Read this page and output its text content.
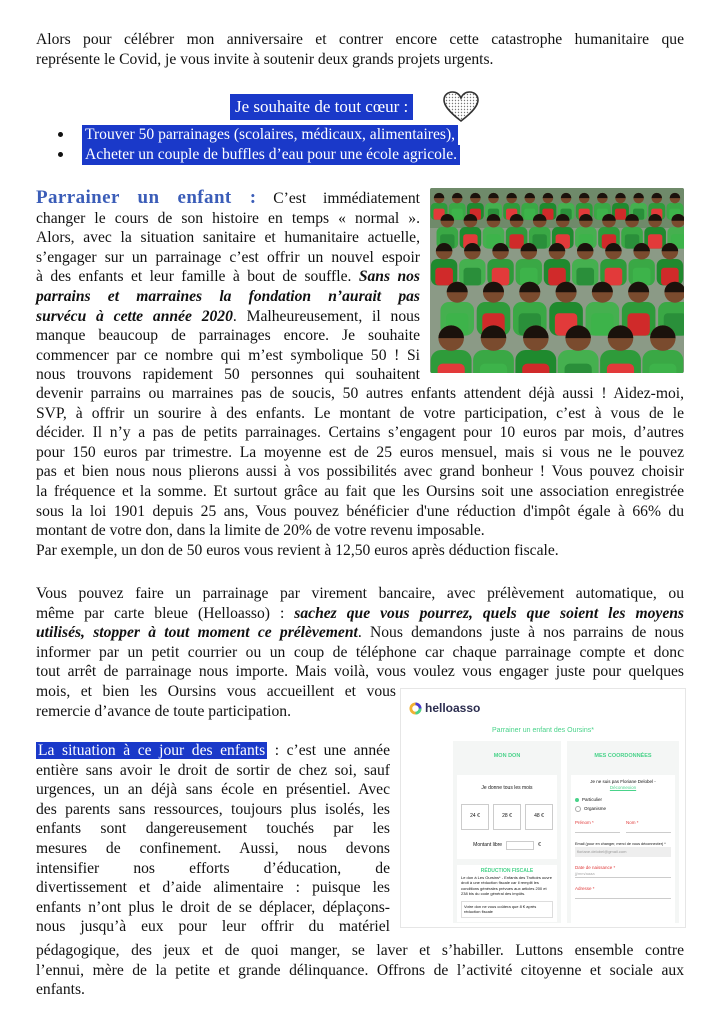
Alors pour célébrer mon anniversaire et contrer encore cette catastrophe humanitaire que
représente le Covid, je vous invite à soutenir deux grands projets urgents.
Je souhaite de tout cœur :
Trouver 50 parrainages (scolaires, médicaux, alimentaires),
Acheter un couple de buffles d’eau pour une école agricole.
Parrainer un enfant : C’est immédiatement
changer le cours de son histoire en temps « normal ».
Alors, avec la situation sanitaire et humanitaire actuelle,
s’engager sur un parrainage c’est offrir un nouvel espoir
à des enfants et leur famille à bout de souffle. Sans nos
parrains et marraines la fondation n’aurait pas
survécu à cette année 2020. Malheureusement, il nous
manque beaucoup de parrainages encore. Je souhaite
commencer par ce nombre qui m’est symbolique 50 ! Si
nous trouvons rapidement 50 personnes qui souhaitent
devenir parrains ou marraines pas de soucis, 50 autres enfants attendent déjà aussi ! Aidez-moi,
SVP, à offrir un sourire à des enfants. Le montant de votre participation, c’est à vous de le
décider. Il n’y a pas de petits parrainages. Certains s’engagent pour 10 euros par mois, d’autres
pour 150 euros par trimestre. La moyenne est de 25 euros mensuel, mais si vous ne le pouvez
pas et bien nous nous plierons aussi à vos possibilités avec grand bonheur ! Vous pouvez choisir
la fréquence et la somme. Et surtout grâce au fait que les Oursins soit une association enregistrée
sous la loi 1901 depuis 25 ans, Vous pouvez bénéficier d'une réduction d'impôt égale à 66% du
montant de votre don, dans la limite de 20% de votre revenu imposable.
Par exemple, un don de 50 euros vous revient à 12,50 euros après déduction fiscale.
Vous pouvez faire un parrainage par virement bancaire, avec prélèvement automatique, ou
même par carte bleue (Helloasso) : sachez que vous pourrez, quels que soient les moyens
utilisés, stopper à tout moment ce prélèvement. Nous demandons juste à nos parrains de nous
informer par un petit courrier ou un coup de téléphone car chaque parrainage compte et donc
tout arrêt de parrainage nous importe. Mais voilà, vous voulez vous engager juste pour quelques
mois, et bien les Oursins vous accueillent et vous
remercie d’avance de toute participation.
La situation à ce jour des enfants : c’est une année
entière sans avoir le droit de sortir de chez soi, sauf
urgences, un an déjà sans école en présentiel. Avec
des parents sans ressources, toujours plus isolés, les
enfants sont dangereusement touchés par les
mesures de confinement. Aussi, nous devons
intensifier nos efforts d’éducation, de
divertissement et d’aide alimentaire : puisque les
enfants n’ont plus le droit de se déplacer, déplaçons-
nous jusqu’à eux pour leur offrir du matériel
pédagogique, des jeux et de quoi manger, se laver et s’habiller. Luttons ensemble contre
l’ennui, mère de la petite et grande délinquance. Offrons de l’activité citoyenne et sociale aux
enfants.
helloasso
Parrainer un enfant des Oursins*
MON DON
Je donne tous les mois
24 €	28 €	48 €
Montant libre	€
RÉDUCTION FISCALE
Le don à Les Oursins* - Enfants des Trottoirs ouvre
droit à une réduction fiscale car il remplit les
conditions générales prévues aux articles 200 et
238 bis du code général des impôts.
Votre don ne vous coûtera que 8 € après
réduction fiscale
MES COORDONNÉES
Je ne suis pas Floriane Delobel -
Déconnexion
Particulier
Organisme
Prénom *	Nom *
Email (pour en changer, merci de vous déconnecter) *
floriane.delobel@gmail.com
Date de naissance *
jj/mm/aaaa
Adresse *
